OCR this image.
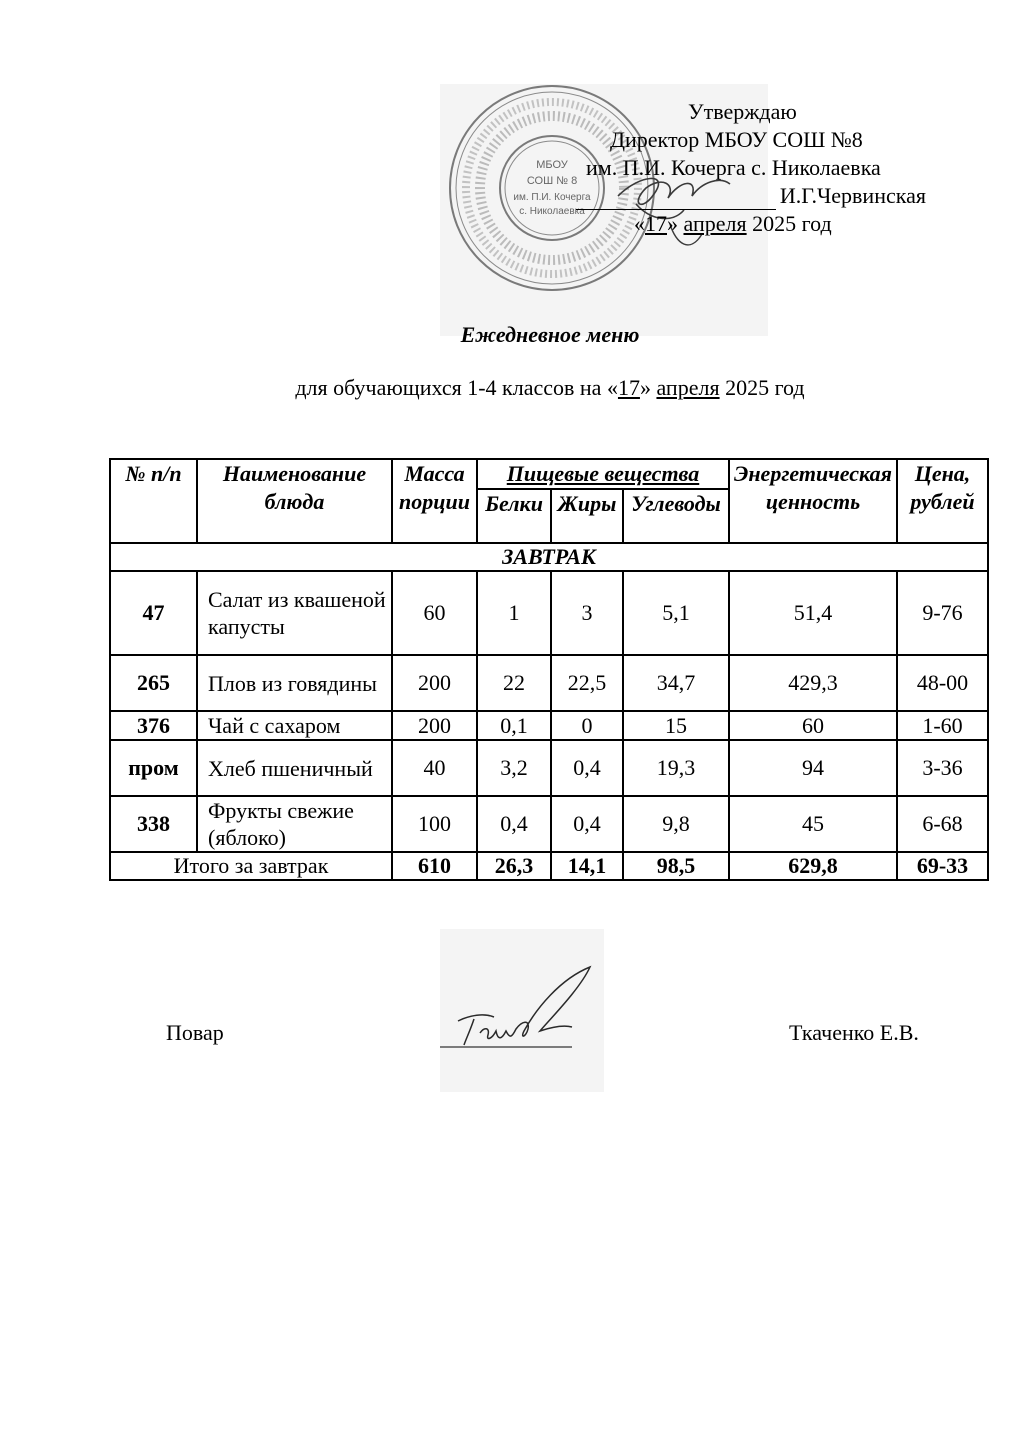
МБОУ
СОШ № 8
им. П.И. Кочерга
с. Николаевка
Утверждаю
Директор МБОУ СОШ №8
им. П.И. Кочерга с. Николаевка
И.Г.Червинская
«17» апреля 2025 год
Ежедневное меню
для обучающихся 1-4 классов на «17» апреля 2025 год
№ п/п	Наименование блюда	Масса порции	Пищевые вещества			Энергетическая ценность	Цена, рублей
			Белки	Жиры	Углеводы		
ЗАВТРАК							
47	Салат из квашеной капусты	60	1	3	5,1	51,4	9-76
265	Плов из говядины	200	22	22,5	34,7	429,3	48-00
376	Чай с сахаром	200	0,1	0	15	60	1-60
пром	Хлеб пшеничный	40	3,2	0,4	19,3	94	3-36
338	Фрукты свежие (яблоко)	100	0,4	0,4	9,8	45	6-68
Итого за завтрак		610	26,3	14,1	98,5	629,8	69-33
Повар	Ткаченко Е.В.
